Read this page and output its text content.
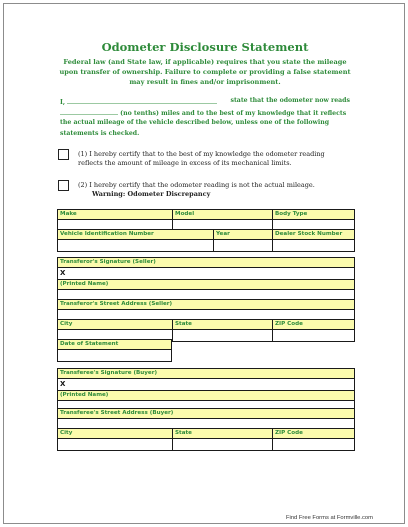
Odometer Disclosure Statement
Federal law (and State law, if applicable) requires that you state the mileage
upon transfer of ownership. Failure to complete or providing a false statement
may result in fines and/or imprisonment.
I,	state that the odometer now reads
(no tenths) miles and to the best of my knowledge that it reflects
the actual mileage of the vehicle described below, unless one of the following
statements is checked.
(1) I hereby certify that to the best of my knowledge the odometer reading
reflects the amount of mileage in excess of its mechanical limits.
(2) I hereby certify that the odometer reading is not the actual mileage.
Warning: Odometer Discrepancy
Make	Model	Body Type
Vehicle Identification Number	Year	Dealer Stock Number
Transferor's Signature (Seller)
X
(Printed Name)
Transferor's Street Address (Seller)
City	State	ZIP Code
Date of Statement
Transferee's Signature (Buyer)
X
(Printed Name)
Transferee's Street Address (Buyer)
City	State	ZIP Code
Find Free Forms at Formville.com
